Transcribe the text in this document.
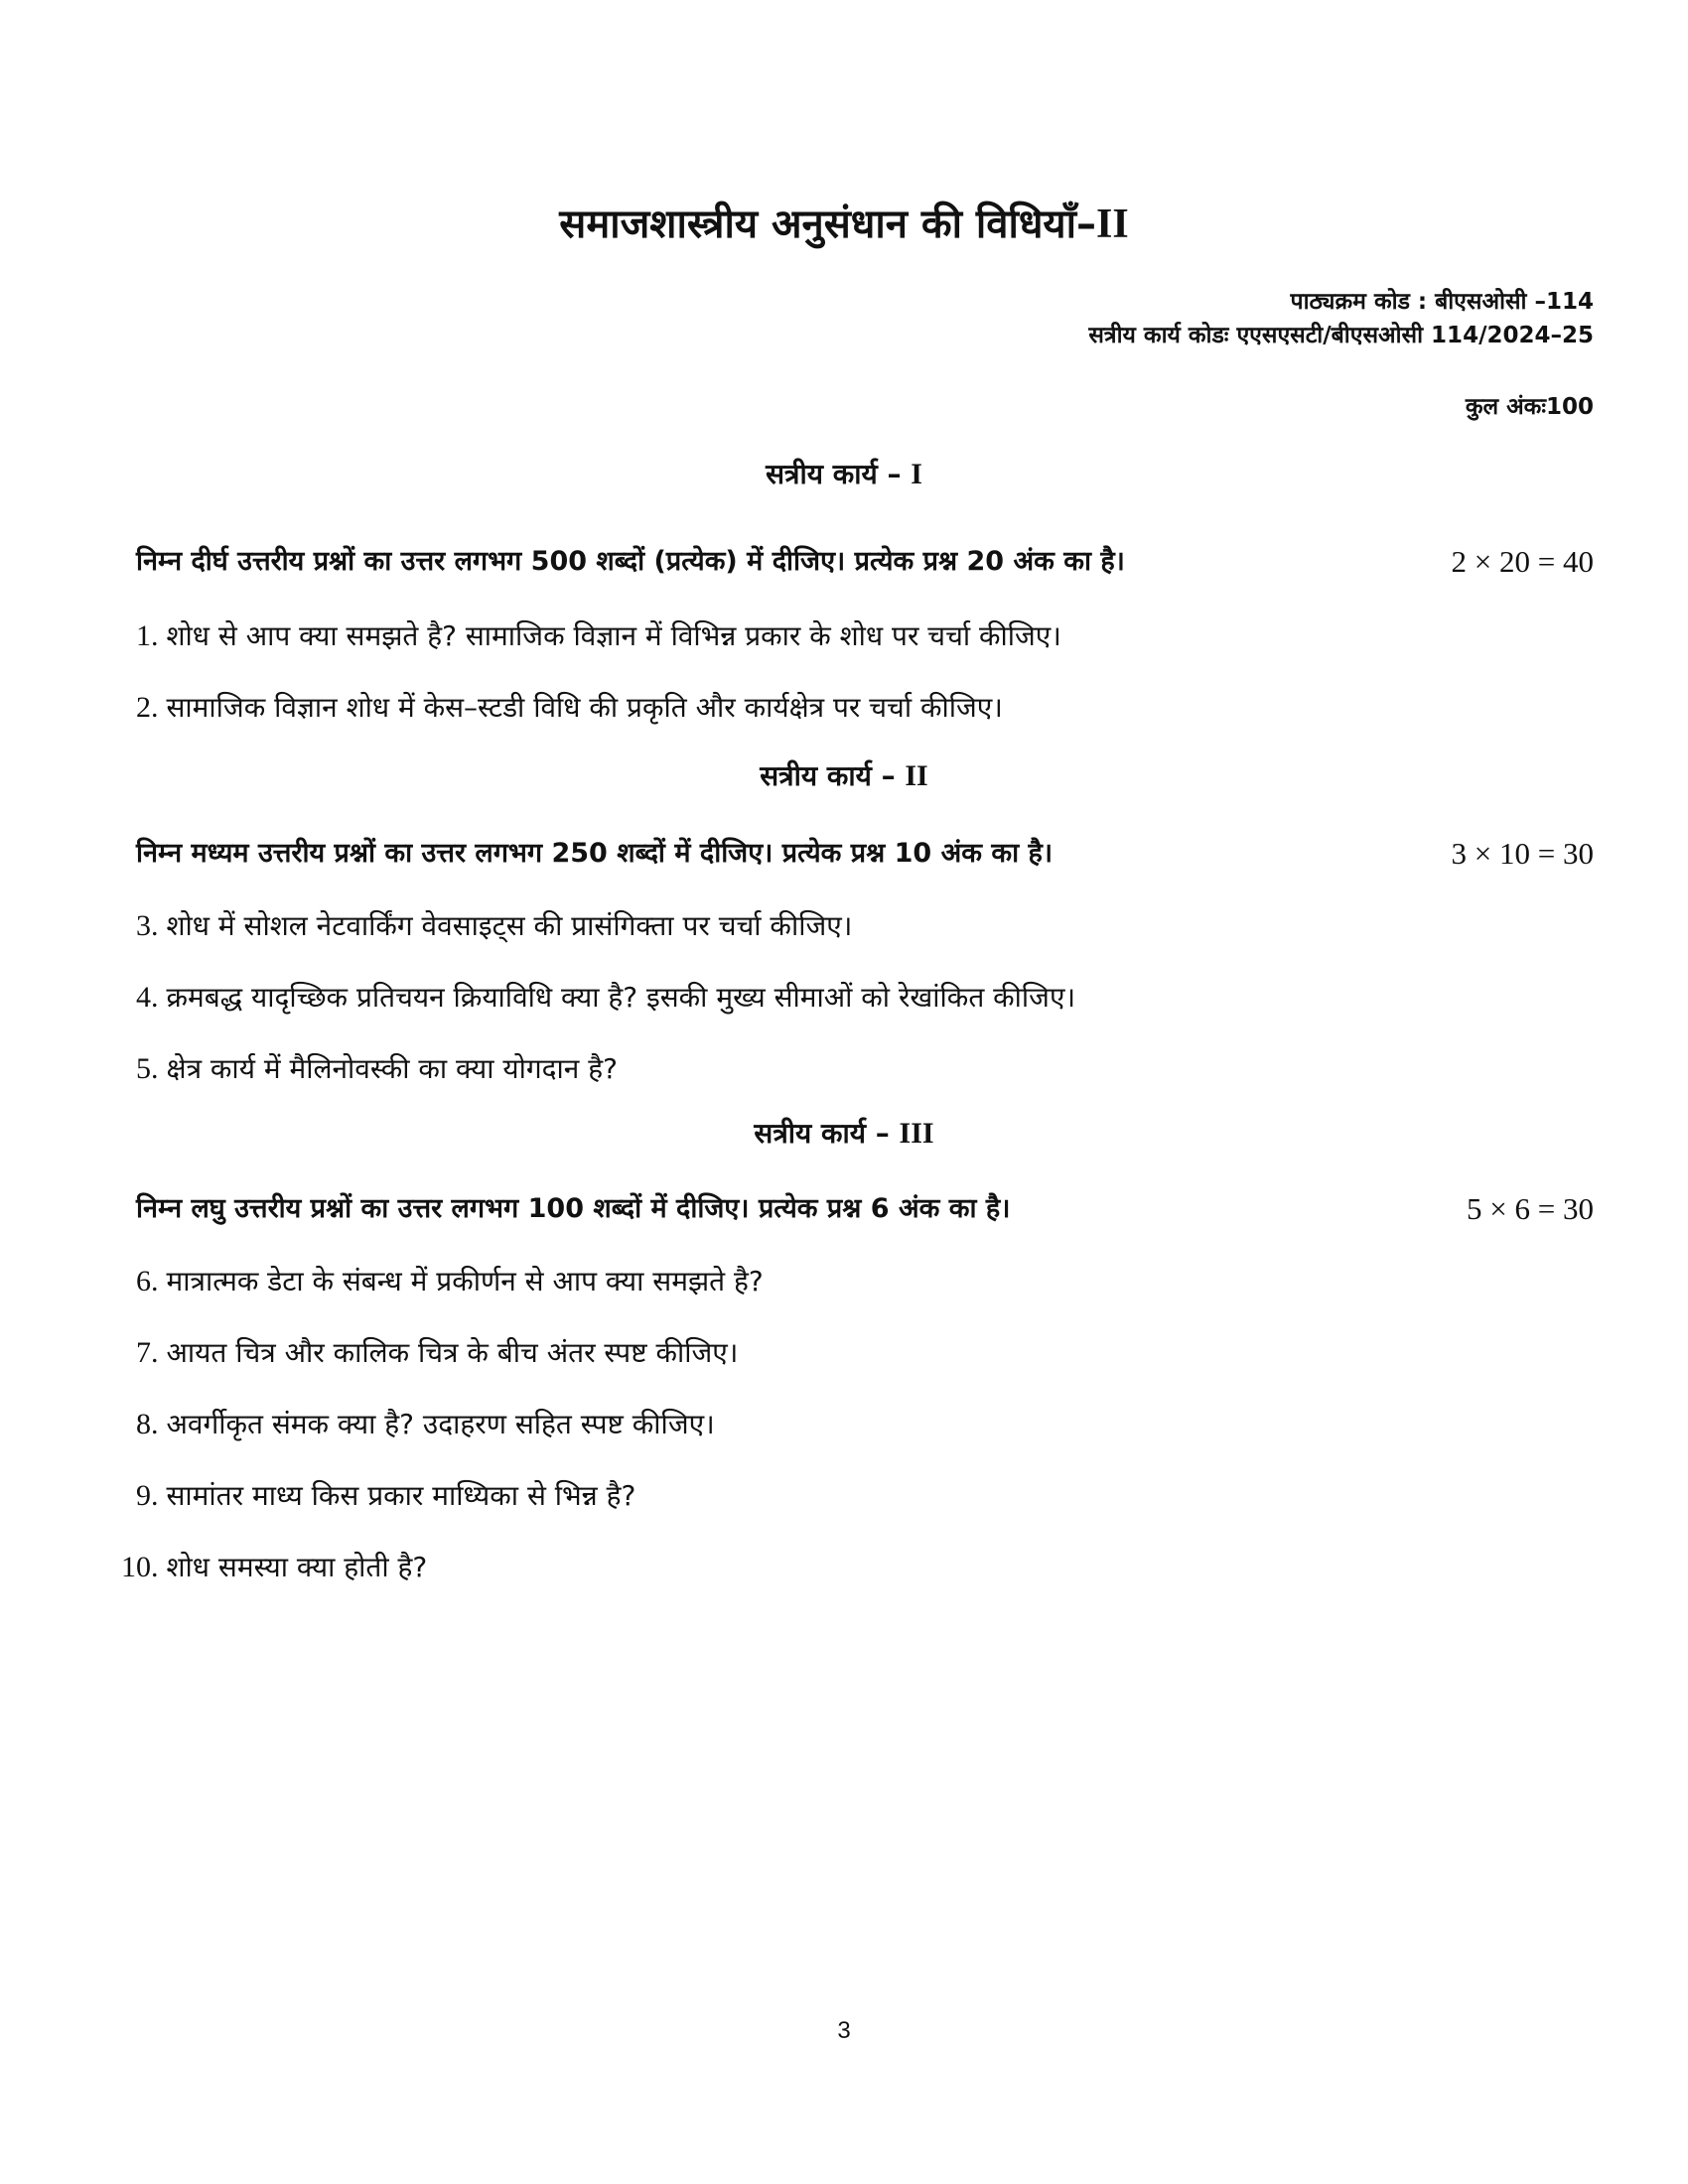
समाजशास्त्रीय अनुसंधान की विधियाँ–II
पाठ्यक्रम कोड : बीएसओसी –114
सत्रीय कार्य कोडः एएसएसटी/बीएसओसी 114/2024–25
कुल अंकः100
सत्रीय कार्य – I
निम्न दीर्घ उत्तरीय प्रश्नों का उत्तर लगभग 500 शब्दों (प्रत्येक) में दीजिए। प्रत्येक प्रश्न 20 अंक का है।	2 × 20 = 40
1. शोध से आप क्या समझते है? सामाजिक विज्ञान में विभिन्न प्रकार के शोध पर चर्चा कीजिए।
2. सामाजिक विज्ञान शोध में केस–स्टडी विधि की प्रकृति और कार्यक्षेत्र पर चर्चा कीजिए।
सत्रीय कार्य – II
निम्न मध्यम उत्तरीय प्रश्नों का उत्तर लगभग 250 शब्दों में दीजिए। प्रत्येक प्रश्न 10 अंक का है।	3 × 10 = 30
3. शोध में सोशल नेटवार्किंग वेवसाइट्स की प्रासंगिक्ता पर चर्चा कीजिए।
4. क्रमबद्ध यादृच्छिक प्रतिचयन क्रियाविधि क्या है? इसकी मुख्य सीमाओं को रेखांकित कीजिए।
5. क्षेत्र कार्य में मैलिनोवस्की का क्या योगदान है?
सत्रीय कार्य – III
निम्न लघु उत्तरीय प्रश्नों का उत्तर लगभग 100 शब्दों में दीजिए। प्रत्येक प्रश्न 6 अंक का है।	5 × 6 = 30
6. मात्रात्मक डेटा के संबन्ध में प्रकीर्णन से आप क्या समझते है?
7. आयत चित्र और कालिक चित्र के बीच अंतर स्पष्ट कीजिए।
8. अवर्गीकृत संमक क्या है? उदाहरण सहित स्पष्ट कीजिए।
9. सामांतर माध्य किस प्रकार माध्यिका से भिन्न है?
10. शोध समस्या क्या होती है?
3
